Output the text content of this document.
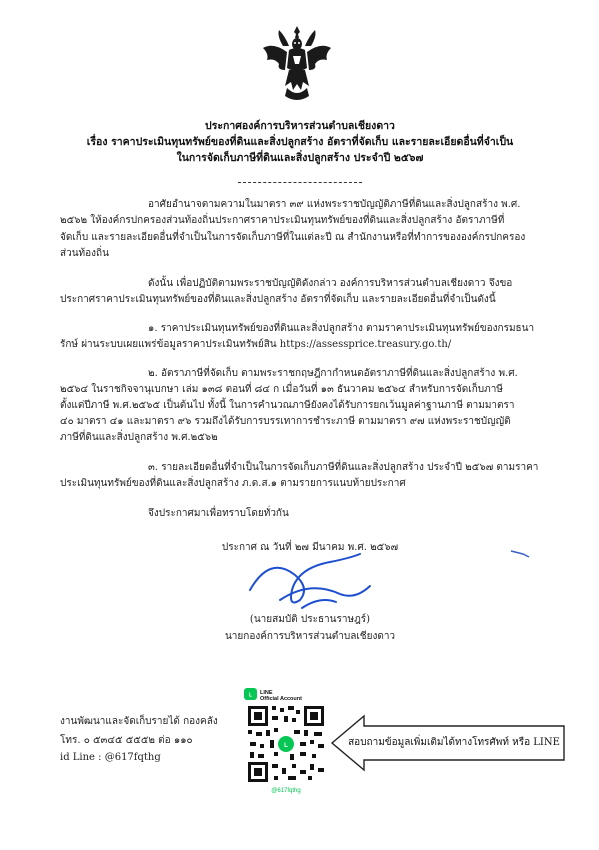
ประกาศองค์การบริหารส่วนตำบลเชียงดาว
เรื่อง ราคาประเมินทุนทรัพย์ของที่ดินและสิ่งปลูกสร้าง อัตราที่จัดเก็บ และรายละเอียดอื่นที่จำเป็น
ในการจัดเก็บภาษีที่ดินและสิ่งปลูกสร้าง ประจำปี ๒๕๖๗
อาศัยอำนาจตามความในมาตรา ๓๙ แห่งพระราชบัญญัติภาษีที่ดินและสิ่งปลูกสร้าง พ.ศ.
๒๕๖๒ ให้องค์กรปกครองส่วนท้องถิ่นประกาศราคาประเมินทุนทรัพย์ของที่ดินและสิ่งปลูกสร้าง อัตราภาษีที่
จัดเก็บ และรายละเอียดอื่นที่จำเป็นในการจัดเก็บภาษีที่ในแต่ละปี ณ สำนักงานหรือที่ทำการขององค์กรปกครอง
ส่วนท้องถิ่น
ดังนั้น เพื่อปฏิบัติตามพระราชบัญญัติดังกล่าว องค์การบริหารส่วนตำบลเชียงดาว จึงขอ
ประกาศราคาประเมินทุนทรัพย์ของที่ดินและสิ่งปลูกสร้าง อัตราที่จัดเก็บ และรายละเอียดอื่นที่จำเป็นดังนี้
๑. ราคาประเมินทุนทรัพย์ของที่ดินและสิ่งปลูกสร้าง ตามราคาประเมินทุนทรัพย์ของกรมธนา
รักษ์ ผ่านระบบเผยแพร่ข้อมูลราคาประเมินทรัพย์สิน https://assessprice.treasury.go.th/
๒. อัตราภาษีที่จัดเก็บ ตามพระราชกฤษฎีกากำหนดอัตราภาษีที่ดินและสิ่งปลูกสร้าง พ.ศ.
๒๕๖๔ ในราชกิจจานุเบกษา เล่ม ๑๓๘ ตอนที่ ๘๔ ก เมื่อวันที่ ๑๓ ธันวาคม ๒๕๖๔ สำหรับการจัดเก็บภาษี
ตั้งแต่ปีภาษี พ.ศ.๒๕๖๕ เป็นต้นไป ทั้งนี้ ในการคำนวณภาษียังคงได้รับการยกเว้นมูลค่าฐานภาษี ตามมาตรา
๔๐ มาตรา ๔๑ และมาตรา ๙๖ รวมถึงได้รับการบรรเทาการชำระภาษี ตามมาตรา ๙๗ แห่งพระราชบัญญัติ
ภาษีที่ดินและสิ่งปลูกสร้าง พ.ศ.๒๕๖๒
๓. รายละเอียดอื่นที่จำเป็นในการจัดเก็บภาษีที่ดินและสิ่งปลูกสร้าง ประจำปี ๒๕๖๗ ตามราคา
ประเมินทุนทรัพย์ของที่ดินและสิ่งปลูกสร้าง ภ.ด.ส.๑ ตามรายการแนบท้ายประกาศ
จึงประกาศมาเพื่อทราบโดยทั่วกัน
ประกาศ ณ วันที่ ๒๗ มีนาคม พ.ศ. ๒๕๖๗
(นายสมบัติ ประธานราษฎร์)
นายกองค์การบริหารส่วนตำบลเชียงดาว
งานพัฒนาและจัดเก็บรายได้ กองคลัง
โทร. ๐ ๕๓๔๕ ๕๕๕๒ ต่อ ๑๑๐
id Line : @617fqthg
L LINE
Official Account
L
@617fqthg
สอบถามข้อมูลเพิ่มเติมได้ทางโทรศัพท์ หรือ LINE
